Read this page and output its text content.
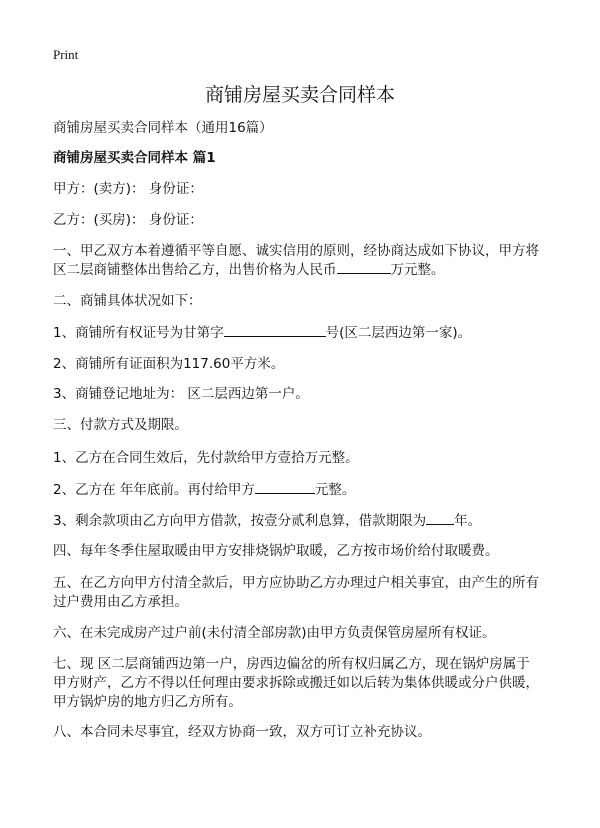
Print
商铺房屋买卖合同样本
商铺房屋买卖合同样本（通用16篇）
商铺房屋买卖合同样本 篇1
甲方：(卖方)： 身份证：
乙方：(买房)： 身份证：
一、甲乙双方本着遵循平等自愿、诚实信用的原则，经协商达成如下协议，甲方将
区二层商铺整体出售给乙方，出售价格为人民币	万元整。
二、商铺具体状况如下：
1、商铺所有权证号为甘第字	号(区二层西边第一家)。
2、商铺所有证面积为117.60平方米。
3、商铺登记地址为： 区二层西边第一户。
三、付款方式及期限。
1、乙方在合同生效后，先付款给甲方壹拾万元整。
2、乙方在 年年底前。再付给甲方	元整。
3、剩余款项由乙方向甲方借款，按壹分贰利息算，借款期限为 年。
四、每年冬季住屋取暖由甲方安排烧锅炉取暖，乙方按市场价给付取暖费。
五、在乙方向甲方付清全款后，甲方应协助乙方办理过户相关事宜，由产生的所有
过户费用由乙方承担。
六、在未完成房产过户前(未付清全部房款)由甲方负责保管房屋所有权证。
七、现 区二层商铺西边第一户，房西边偏岔的所有权归属乙方，现在锅炉房属于
甲方财产，乙方不得以任何理由要求拆除或搬迁如以后转为集体供暖或分户供暖，
甲方锅炉房的地方归乙方所有。
八、本合同未尽事宜，经双方协商一致，双方可订立补充协议。
